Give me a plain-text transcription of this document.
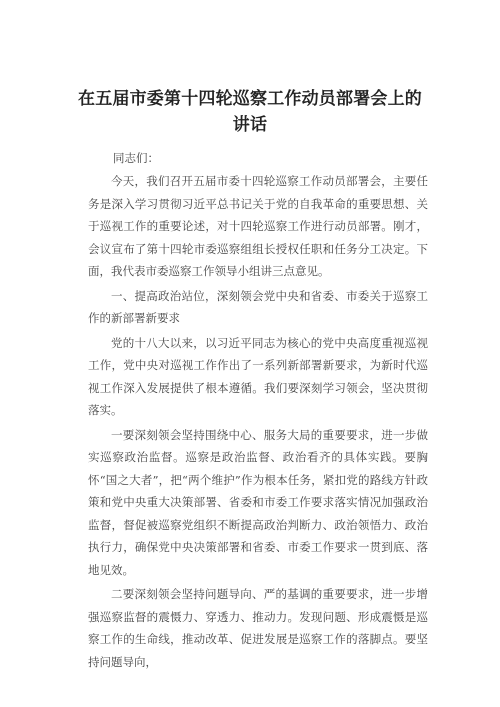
在五届市委第十四轮巡察工作动员部署会上的
讲话
同志们：

今天，我们召开五届市委十四轮巡察工作动员部署会，主要任务是深入学习贯彻习近平总书记关于党的自我革命的重要思想、关于巡视工作的重要论述，对十四轮巡察工作进行动员部署。刚才，会议宣布了第十四轮市委巡察组组长授权任职和任务分工决定。下面，我代表市委巡察工作领导小组讲三点意见。

一、提高政治站位，深刻领会党中央和省委、市委关于巡察工作的新部署新要求

党的十八大以来，以习近平同志为核心的党中央高度重视巡视工作，党中央对巡视工作作出了一系列新部署新要求，为新时代巡视工作深入发展提供了根本遵循。我们要深刻学习领会，坚决贯彻落实。

一要深刻领会坚持围绕中心、服务大局的重要要求，进一步做实巡察政治监督。巡察是政治监督、政治看齐的具体实践。要胸怀“国之大者”，把“两个维护”作为根本任务，紧扣党的路线方针政策和党中央重大决策部署、省委和市委工作要求落实情况加强政治监督，督促被巡察党组织不断提高政治判断力、政治领悟力、政治执行力，确保党中央决策部署和省委、市委工作要求一贯到底、落地见效。

二要深刻领会坚持问题导向、严的基调的重要要求，进一步增强巡察监督的震慑力、穿透力、推动力。发现问题、形成震慑是巡察工作的生命线，推动改革、促进发展是巡察工作的落脚点。要坚持问题导向，
